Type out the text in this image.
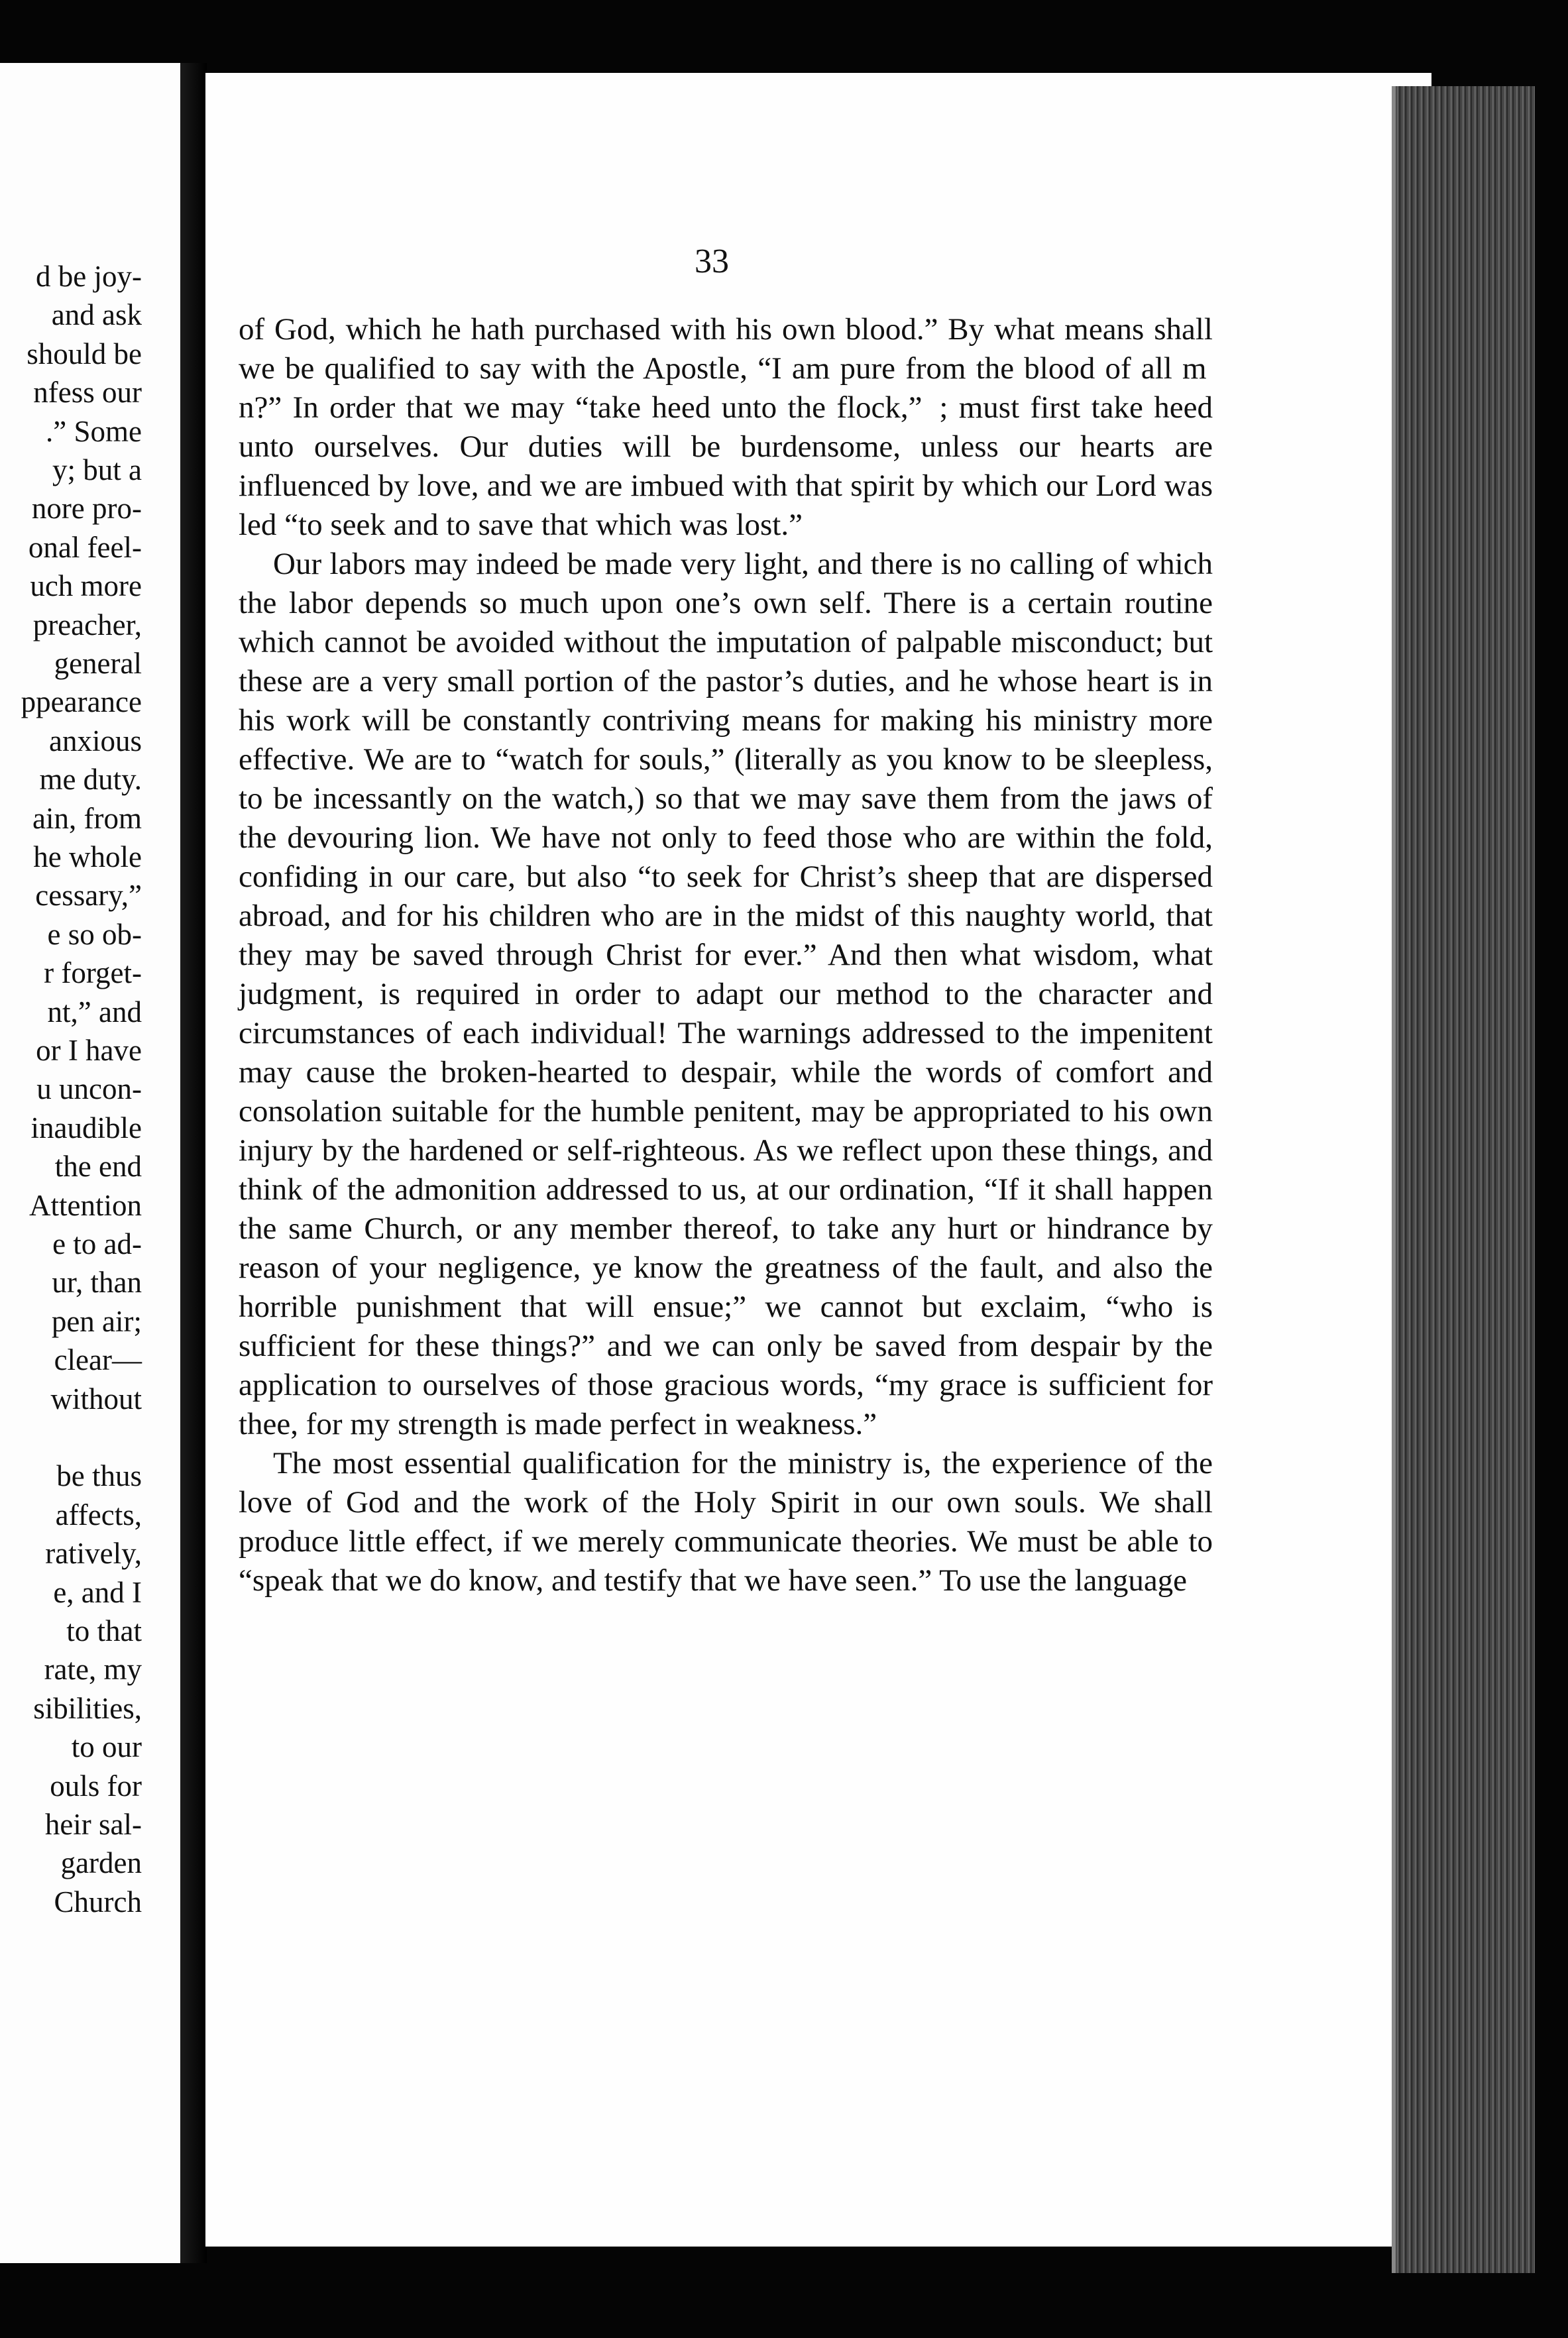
d be joy-
and ask
should be
nfess our
.” Some
y; but a
nore pro-
onal feel-
uch more
preacher,
general
ppearance
anxious
me duty.
ain, from
he whole
cessary,”
e so ob-
r forget-
nt,” and
or I have
u uncon-
inaudible
the end
Attention
e to ad-
ur, than
pen air;
clear—
without
be thus
affects,
ratively,
e, and I
to that
rate, my
sibilities,
to our
ouls for
heir sal-
garden
Church
33

of God, which he hath purchased with his own blood.” By what means shall we be qualified to say with the Apostle, “I am pure from the blood of all m n?” In order that we may “take heed unto the flock,”  ; must first take heed unto ourselves. Our duties will be burdensome, unless our hearts are influenced by love, and we are imbued with that spirit by which our Lord was led “to seek and to save that which was lost.”

Our labors may indeed be made very light, and there is no calling of which the labor depends so much upon one’s own self. There is a certain routine which cannot be avoided without the imputation of palpable misconduct; but these are a very small portion of the pastor’s duties, and he whose heart is in his work will be constantly contriving means for making his ministry more effective. We are to “watch for souls,” (literally as you know to be sleepless, to be incessantly on the watch,) so that we may save them from the jaws of the devouring lion. We have not only to feed those who are within the fold, confiding in our care, but also “to seek for Christ’s sheep that are dispersed abroad, and for his children who are in the midst of this naughty world, that they may be saved through Christ for ever.” And then what wisdom, what judgment, is required in order to adapt our method to the character and circumstances of each individual! The warnings addressed to the impenitent may cause the broken-hearted to despair, while the words of comfort and consolation suitable for the humble penitent, may be appropriated to his own injury by the hardened or self-righteous. As we reflect upon these things, and think of the admonition addressed to us, at our ordination, “If it shall happen the same Church, or any member thereof, to take any hurt or hindrance by reason of your negligence, ye know the greatness of the fault, and also the horrible punishment that will ensue;” we cannot but exclaim, “who is sufficient for these things?” and we can only be saved from despair by the application to ourselves of those gracious words, “my grace is sufficient for thee, for my strength is made perfect in weakness.”

The most essential qualification for the ministry is, the experience of the love of God and the work of the Holy Spirit in our own souls. We shall produce little effect, if we merely communicate theories. We must be able to “speak that we do know, and testify that we have seen.” To use the language
